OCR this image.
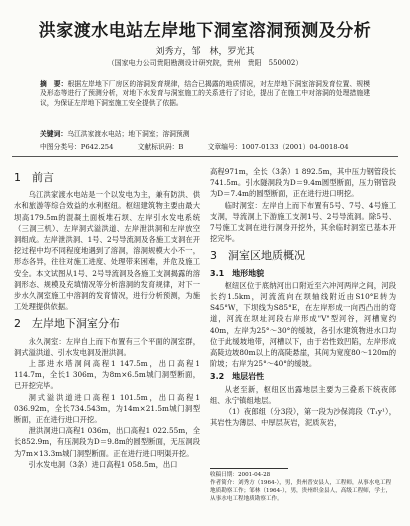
洪家渡水电站左岸地下洞室溶洞预测及分析
刘秀方，邹　林，罗光其
（国家电力公司贵阳勘测设计研究院，贵州　贵阳　550002）
摘　要：根据左岸地下厂房区的溶洞发育规律，结合已揭露的地质情况，对左岸地下洞室溶洞发育位置、规模及形态等进行了预测分析，对地下水发育与洞室施工的关系进行了讨论，提出了在施工中对溶洞的处理措施建议，为保证左岸地下洞室施工安全提供了依据。
关键词：乌江洪家渡水电站；地下洞室；溶洞预测
中图分类号：P642.254	文献标识码：B	文章编号：1007-0133（2001）04-0018-04
1　前言

乌江洪家渡水电站是一个以发电为主，兼有防洪、供水和旅游等综合效益的水利枢纽。枢纽建筑物主要由最大坝高179.5m的混凝土面板堆石坝、左岸引水发电系统（三洞三机）、左岸洞式溢洪道、左岸泄洪洞和左岸放空洞组成。左岸泄洪洞、1号、2号导流洞及各施工支洞在开挖过程中均不同程度地遇到了溶洞，溶洞规模大小不一，形态各异，往往对施工进度、处理带来困难，并危及施工安全。本文试图从1号、2号导流洞及各施工支洞揭露的溶洞形态、规模及充填情况等分析溶洞的发育规律，对下一步水久洞室施工中溶洞的发育情况，进行分析预测，为施工处理提供依据。

2　左岸地下洞室分布

永久洞室：左岸自上而下布置有三个平面的洞室群，洞式溢洪道、引水发电洞及泄洪洞。

上部进水塔洞间高程1 147.5m，出口高程1 114.7m，全长1 306m，为8m×6.5m城门洞型断面，已开挖完毕。

洞式溢洪道进口高程1 101.5m，出口高程1 036.92m，全长734.543m，为14m×21.5m城门洞型断面，正在进行进口开挖。

泄洪洞进口高程1 036m，出口高程1 022.55m，全长852.9m，有压洞段为D＝9.8m的圆型断面，无压洞段为7m×13.3m城门洞型断面。正在进行进口明渠开挖。

引水发电洞（3条）进口高程1 058.5m，出口

高程971m，全长（3条）1 892.5m，其中压力钢管段长741.5m。引水隧洞段为D＝9.4m圆型断面，压力钢管段为D＝7.4m的圆型断面，正在进行进口明挖。

临时洞室：左岸自上而下布置有5号、7号、4号施工支洞，导流洞上下游施工支洞1号、2号导流洞。除5号、7号施工支洞在进行洞身开挖外，其余临时洞室已基本开挖完毕。

3　洞室区地质概况
3.1　地形地貌

枢纽区位于底纳河出口附近至六冲河两岸之间，河段长约1.5km，河流流向在坝轴线附近由S10°E转为S45°W，下坝线为S85°E，在左岸形成一向西凸出的弯道，河流在坝址河段右岸形成"V"型河谷，河槽宽约40m，左岸为25°～30°的缓坡，各引水建筑物进水口均位于此缓坡地带，河槽以下，由于岩性致凹陷，左岸形成高陡边坡80m以上的高陡悬崖，其间为宽度80～120m的阶坡；右岸为25°～40°的缓坡。

3.2　地层岩性

从老至新，枢纽区出露地层主要为三叠系下统夜郎组、永宁镇组地层。

（1）夜郎组（分3段），第一段为沙保湾段（T₁y¹），其岩性为薄层、中厚层灰岩，泥质灰岩，

收稿日期：2001-04-28

作者简介：刘秀方（1964-），男，贵州普安县人，工程师，从事水电工程地质勘察工作；邹林（1964-），男，贵州织金县人，高级工程师，学士，从事水电工程地质勘察工作。
